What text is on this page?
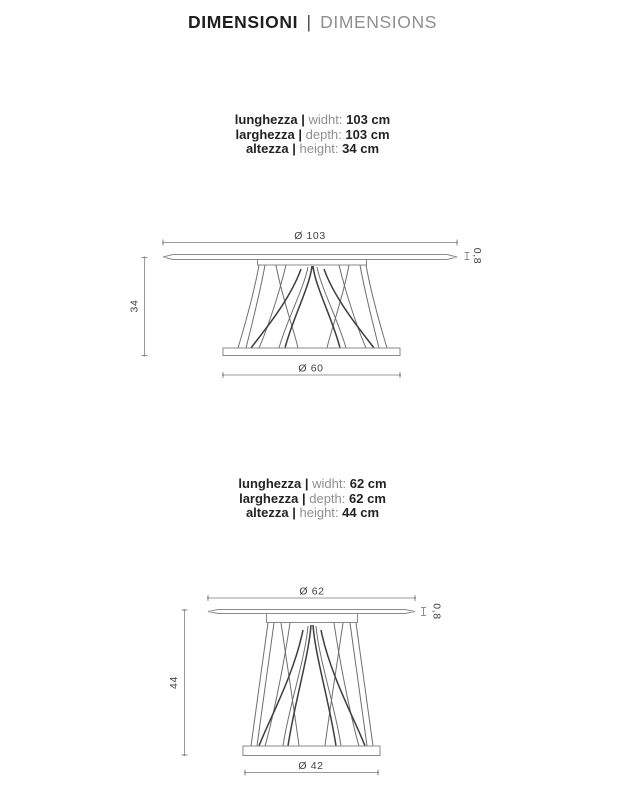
DIMENSIONI | DIMENSIONS
lunghezza | widht: 103 cm
larghezza | depth: 103 cm
altezza | height: 34 cm
lunghezza | widht: 62 cm
larghezza | depth: 62 cm
altezza | height: 44 cm
Ø 103
Ø 60
34
0,8
Ø 62
Ø 42
44
0,8
